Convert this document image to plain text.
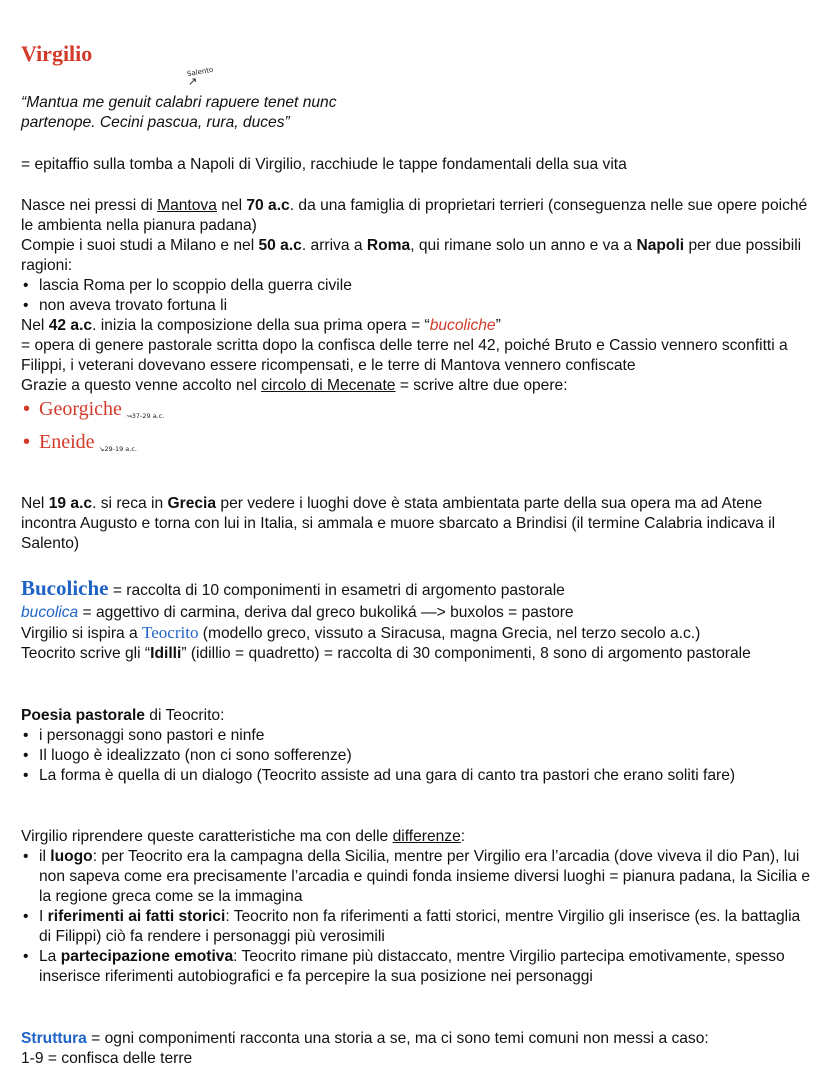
Virgilio
Salento
↗
“Mantua me genuit calabri rapuere tenet nunc
partenope. Cecini pascua, rura, duces”

= epitaffio sulla tomba a Napoli di Virgilio, racchiude le tappe fondamentali della sua vita

Nasce nei pressi di Mantova nel 70 a.c. da una famiglia di proprietari terrieri (conseguenza nelle sue opere poiché le ambienta nella pianura padana)

Compie i suoi studi a Milano e nel 50 a.c. arriva a Roma, qui rimane solo un anno e va a Napoli per due possibili ragioni:

• lascia Roma per lo scoppio della guerra civile
• non aveva trovato fortuna li

Nel 42 a.c. inizia la composizione della sua prima opera = “bucoliche”

= opera di genere pastorale scritta dopo la confisca delle terre nel 42, poiché Bruto e Cassio vennero sconfitti a Filippi, i veterani dovevano essere ricompensati, e le terre di Mantova vennero confiscate

Grazie a questo venne accolto nel circolo di Mecenate = scrive altre due opere:

• Georgiche ↝37-29 a.c.
• Eneide ↘29-19 a.c.

Nel 19 a.c. si reca in Grecia per vedere i luoghi dove è stata ambientata parte della sua opera ma ad Atene incontra Augusto e torna con lui in Italia, si ammala e muore sbarcato a Brindisi (il termine Calabria indicava il Salento)

Bucoliche = raccolta di 10 componimenti in esametri di argomento pastorale

bucolica = aggettivo di carmina, deriva dal greco bukoliká —> buxolos = pastore

Virgilio si ispira a Teocrito (modello greco, vissuto a Siracusa, magna Grecia, nel terzo secolo a.c.)

Teocrito scrive gli “Idilli” (idillio = quadretto) = raccolta di 30 componimenti, 8 sono di argomento pastorale

Poesia pastorale di Teocrito:

• i personaggi sono pastori e ninfe
• Il luogo è idealizzato (non ci sono sofferenze)
• La forma è quella di un dialogo (Teocrito assiste ad una gara di canto tra pastori che erano soliti fare)

Virgilio riprendere queste caratteristiche ma con delle differenze:

• il luogo: per Teocrito era la campagna della Sicilia, mentre per Virgilio era l’arcadia (dove viveva il dio Pan), lui non sapeva come era precisamente l’arcadia e quindi fonda insieme diversi luoghi = pianura padana, la Sicilia e la regione greca come se la immagina
• I riferimenti ai fatti storici: Teocrito non fa riferimenti a fatti storici, mentre Virgilio gli inserisce (es. la battaglia di Filippi) ciò fa rendere i personaggi più verosimili
• La partecipazione emotiva: Teocrito rimane più distaccato, mentre Virgilio partecipa emotivamente, spesso inserisce riferimenti autobiografici e fa percepire la sua posizione nei personaggi

Struttura = ogni componimenti racconta una storia a se, ma ci sono temi comuni non messi a caso:

1-9 = confisca delle terre
